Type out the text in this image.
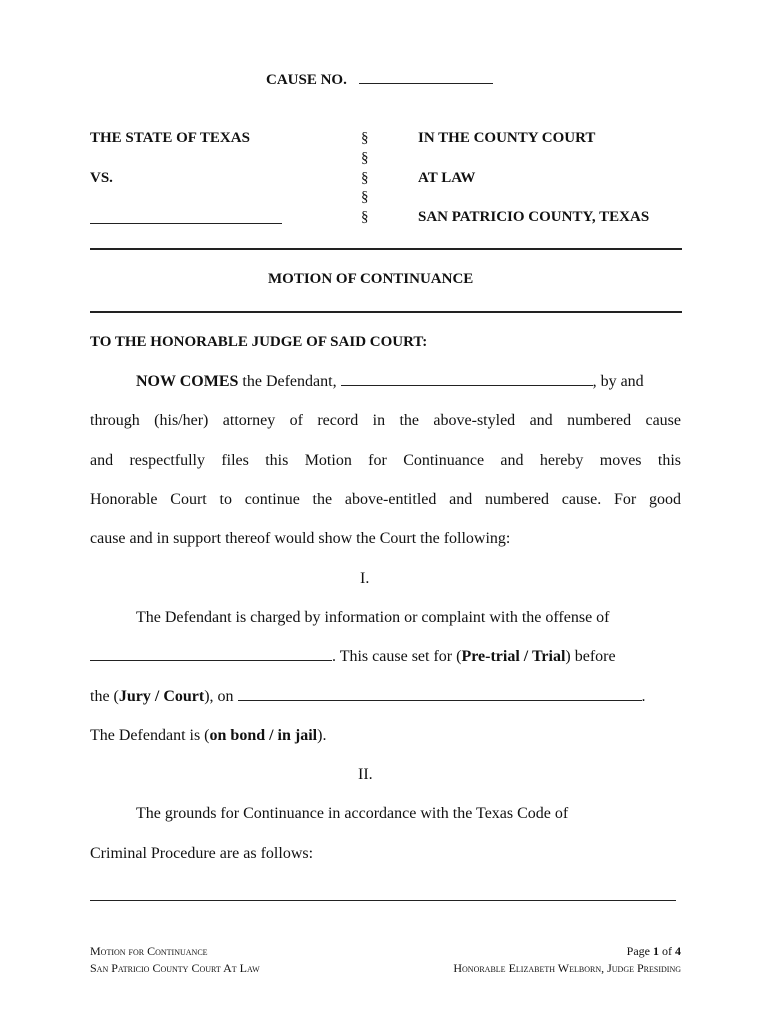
CAUSE NO.
THE STATE OF TEXAS
VS.
§
§
§
§
§
IN THE COUNTY COURT
AT LAW
SAN PATRICIO COUNTY, TEXAS
MOTION OF CONTINUANCE
TO THE HONORABLE JUDGE OF SAID COURT:
NOW COMES the Defendant,	, by and
through (his/her) attorney of record in the above-styled and numbered cause
and respectfully files this Motion for Continuance and hereby moves this
Honorable Court to continue the above-entitled and numbered cause. For good
cause and in support thereof would show the Court the following:
I.
The Defendant is charged by information or complaint with the offense of
. This cause set for (Pre-trial / Trial) before
the (Jury / Court), on	.
The Defendant is (on bond / in jail).
II.
The grounds for Continuance in accordance with the Texas Code of
Criminal Procedure are as follows:
Motion for Continuance
San Patricio County Court At Law
Page 1 of 4
Honorable Elizabeth Welborn, Judge Presiding
